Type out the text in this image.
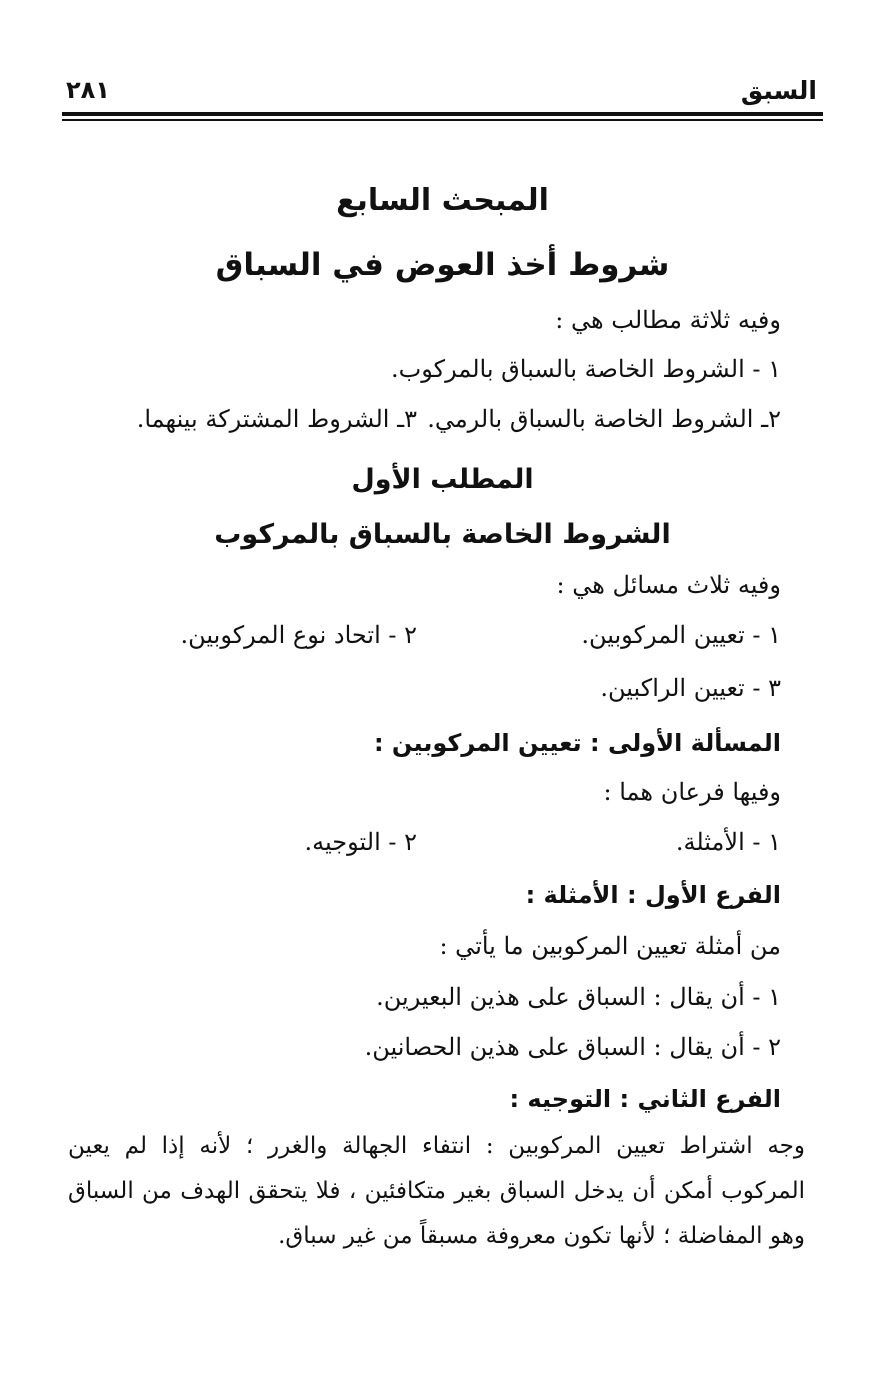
السبق
٢٨١
المبحث السابع
شروط أخذ العوض في السباق
وفيه ثلاثة مطالب هي :
١ - الشروط الخاصة بالسباق بالمركوب.
٢ـ الشروط الخاصة بالسباق بالرمي.
٣ـ الشروط المشتركة بينهما.
المطلب الأول
الشروط الخاصة بالسباق بالمركوب
وفيه ثلاث مسائل هي :
١ - تعيين المركوبين.
٢ - اتحاد نوع المركوبين.
٣ - تعيين الراكبين.
المسألة الأولى : تعيين المركوبين :
وفيها فرعان هما :
١ - الأمثلة.
٢ - التوجيه.
الفرع الأول : الأمثلة :
من أمثلة تعيين المركوبين ما يأتي :
١ - أن يقال : السباق على هذين البعيرين.
٢ - أن يقال : السباق على هذين الحصانين.
الفرع الثاني : التوجيه :

وجه اشتراط تعيين المركوبين : انتفاء الجهالة والغرر ؛ لأنه إذا لم يعين المركوب أمكن أن يدخل السباق بغير متكافئين ، فلا يتحقق الهدف من السباق وهو المفاضلة ؛ لأنها تكون معروفة مسبقاً من غير سباق.
